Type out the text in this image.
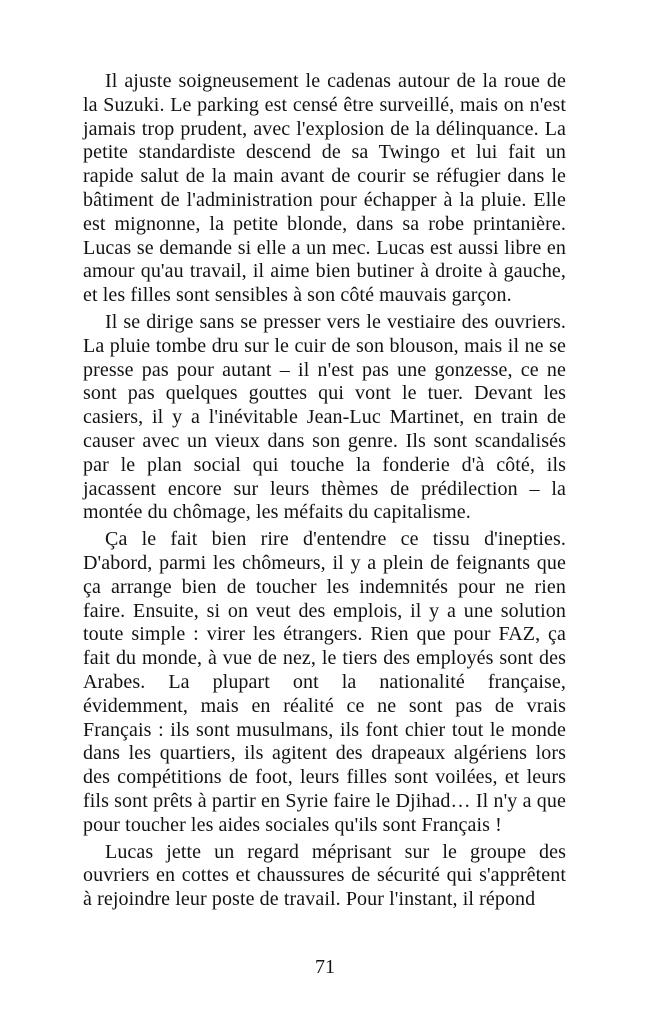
Il ajuste soigneusement le cadenas autour de la roue de la Suzuki. Le parking est censé être surveillé, mais on n'est jamais trop prudent, avec l'explosion de la délinquance. La petite standardiste descend de sa Twingo et lui fait un rapide salut de la main avant de courir se réfugier dans le bâtiment de l'administration pour échapper à la pluie. Elle est mignonne, la petite blonde, dans sa robe printanière. Lucas se demande si elle a un mec. Lucas est aussi libre en amour qu'au travail, il aime bien butiner à droite à gauche, et les filles sont sensibles à son côté mauvais garçon.

Il se dirige sans se presser vers le vestiaire des ouvriers. La pluie tombe dru sur le cuir de son blouson, mais il ne se presse pas pour autant – il n'est pas une gonzesse, ce ne sont pas quelques gouttes qui vont le tuer. Devant les casiers, il y a l'inévitable Jean-Luc Martinet, en train de causer avec un vieux dans son genre. Ils sont scandalisés par le plan social qui touche la fonderie d'à côté, ils jacassent encore sur leurs thèmes de prédilection – la montée du chômage, les méfaits du capitalisme.

Ça le fait bien rire d'entendre ce tissu d'inepties. D'abord, parmi les chômeurs, il y a plein de feignants que ça arrange bien de toucher les indemnités pour ne rien faire. Ensuite, si on veut des emplois, il y a une solution toute simple : virer les étrangers. Rien que pour FAZ, ça fait du monde, à vue de nez, le tiers des employés sont des Arabes. La plupart ont la nationalité française, évidemment, mais en réalité ce ne sont pas de vrais Français : ils sont musulmans, ils font chier tout le monde dans les quartiers, ils agitent des drapeaux algériens lors des compétitions de foot, leurs filles sont voilées, et leurs fils sont prêts à partir en Syrie faire le Djihad… Il n'y a que pour toucher les aides sociales qu'ils sont Français !

Lucas jette un regard méprisant sur le groupe des ouvriers en cottes et chaussures de sécurité qui s'apprêtent à rejoindre leur poste de travail. Pour l'instant, il répond

71
